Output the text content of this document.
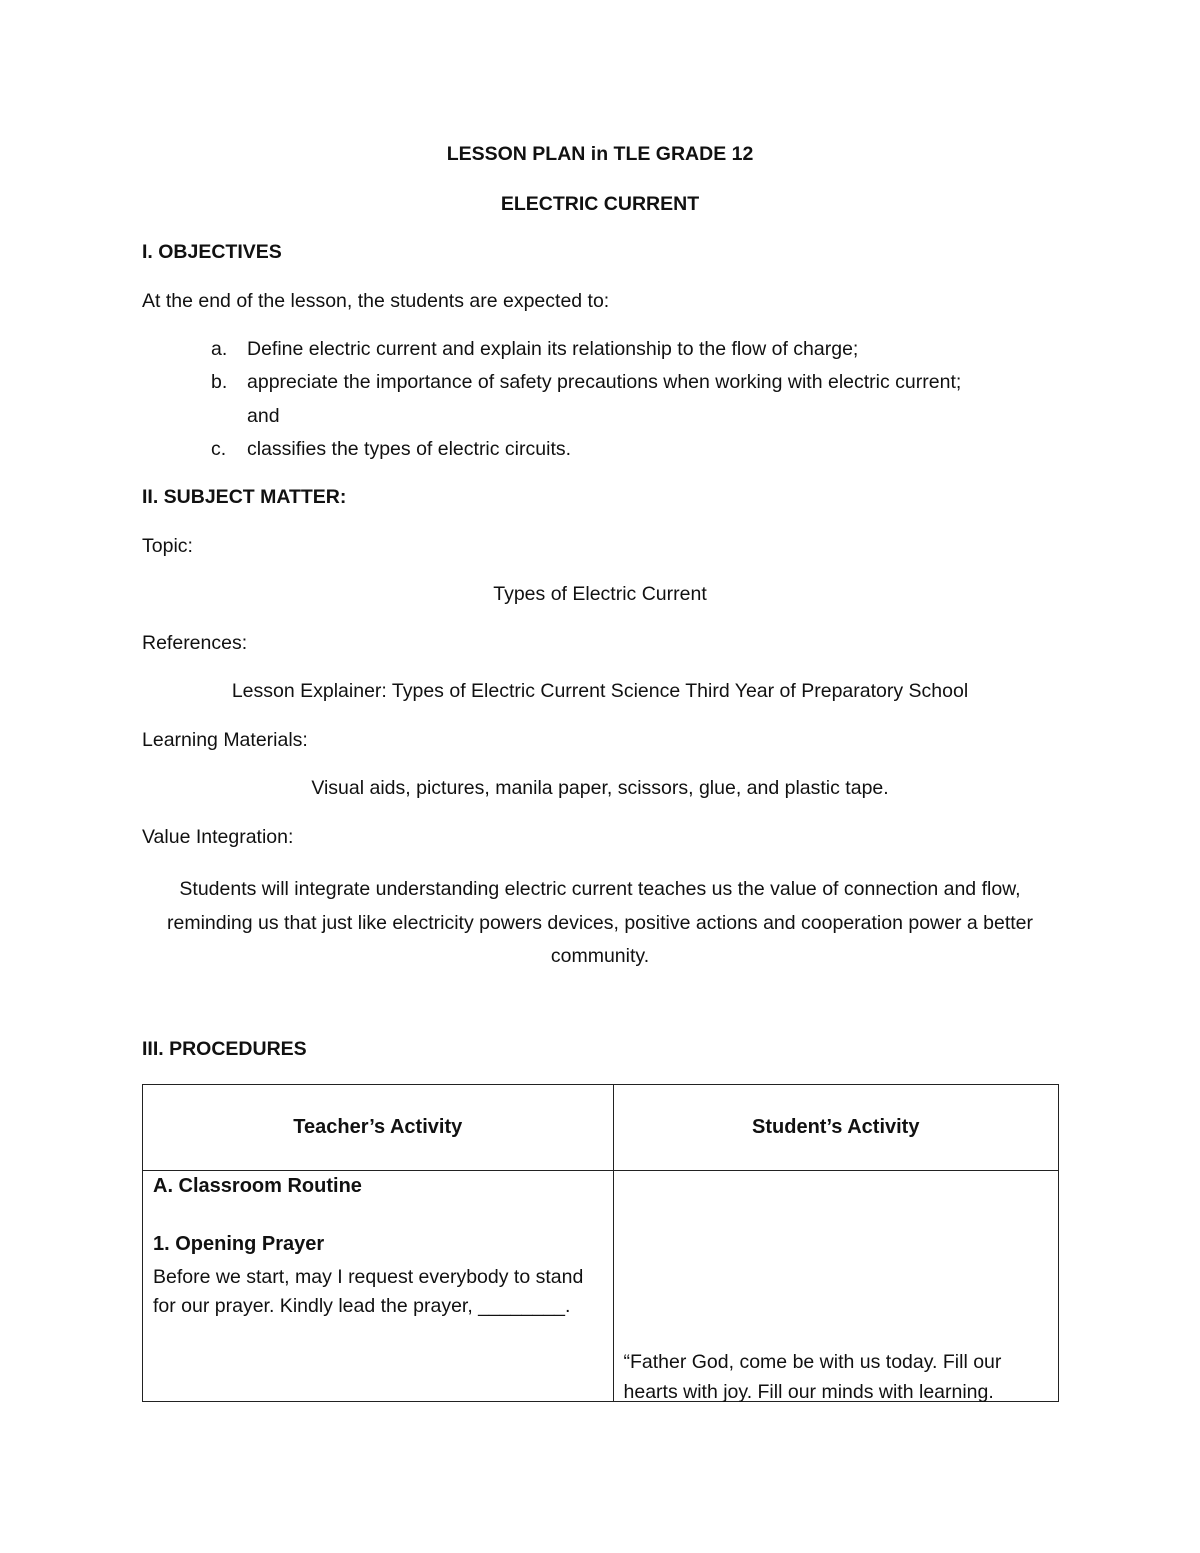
LESSON PLAN in TLE GRADE 12
ELECTRIC CURRENT
I. OBJECTIVES
At the end of the lesson, the students are expected to:
a. Define electric current and explain its relationship to the flow of charge;
b. appreciate the importance of safety precautions when working with electric current;
and
c. classifies the types of electric circuits.
II. SUBJECT MATTER:
Topic:
Types of Electric Current
References:
Lesson Explainer: Types of Electric Current Science Third Year of Preparatory School
Learning Materials:
Visual aids, pictures, manila paper, scissors, glue, and plastic tape.
Value Integration:
Students will integrate understanding electric current teaches us the value of connection and flow, reminding us that just like electricity powers devices, positive actions and cooperation power a better community.
III. PROCEDURES
Teacher’s Activity	Student’s Activity

A. Classroom Routine
1. Opening Prayer
Before we start, may I request everybody to stand for our prayer. Kindly lead the prayer, ________.	“Father God, come be with us today. Fill our hearts with joy. Fill our minds with learning.
